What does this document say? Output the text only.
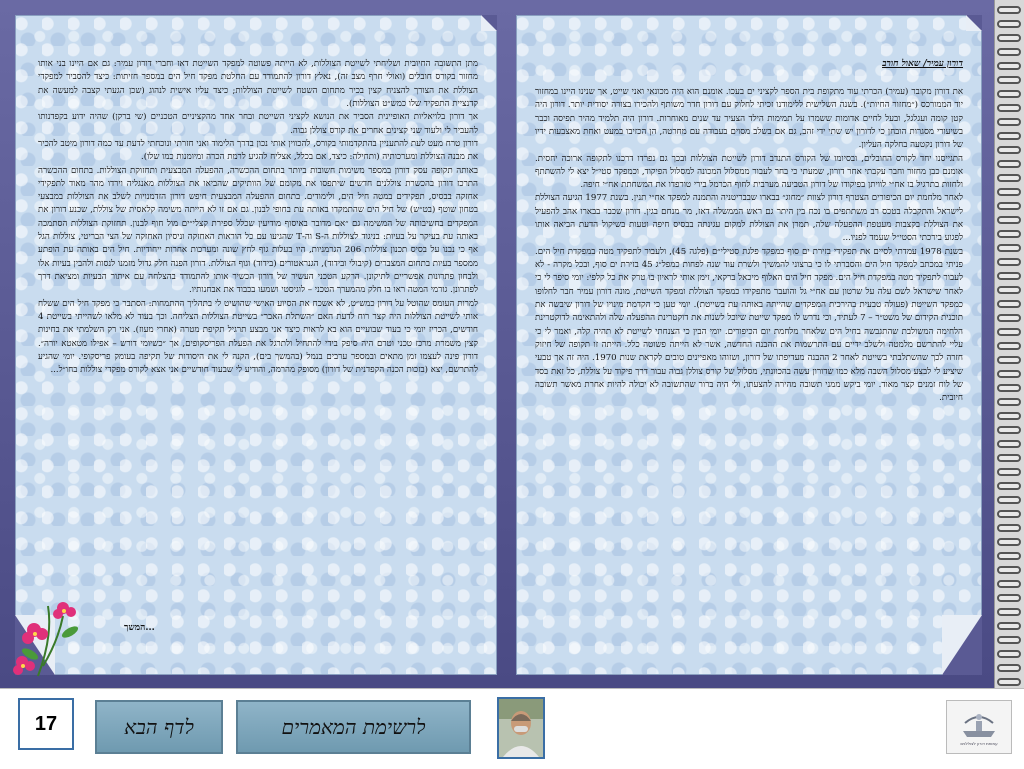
מתן התשובה החיובית ושליחתי לשייטת הצוללות, לא הייתה פשוטה למפקד השייטת דאז וחברי דורון עמיר: גם אם היינו בני אותו מחזור בקורס חובלים (ואולי חרף מצב זה), נאלץ דורון להתמודד עם החלטת מפקד חיל הים במספר חזיתות: כיצד להסביר למפקדי הצוללת את הצורך להצניח קצין בכיר מתחום השטח לשייטת הצוללות; כיצד עליו אישית לנהוג (שכן הגעתי קצבה למעשה את קדנציית התפקיד שלו כמש״ט הצוללות).

אך דורון בלויאליות האופיינית הסביר את הנושא לקציני השייטת ובחר אחד מהקציניים הטכניים (שי ברקן) שהיה ידוע בקפדנותו להעביר לי ולעוד שני קצינים אחרים את קורס צוללן גבוה.

דורון טרח מעט לעת להתעניין בהתקדמותי בקורס, להכווין אותי נכון בדרך הלימוד ואני חזרתי ונוכחתי לדעת עד כמה דורון מיטב להכיר את מבנה הצוללת ומערכותיה (ותחילה: כיצד, אם בכלל, אצליח להגיע לרמת הכרה ומיומנות כמו שלו).

באותה תקופה עסק דורון במספר משימות חשובות ביותר בתחום ההכשרה, ההפעלה המבצעית ותחזוקת הצוללות. בתחום ההכשרה התרכז דורון בהכשרת צוללנים חדשים שיתפסו את מקומם של הוותיקים שהביאו את הצוללות מאנגליה וירדו מהר מאוד לתפקידי אחזקה בבסיס, תפקידים במטה חיל הים, ולימודים. בתחום ההפעלה המבצעית חיפש דורון הזדמנויות לשלב את הצוללות במבצעי בטחון שוטף (בט״ש) של חיל הים שהתמקדו באותה עת בחופי לבנון. גם אם זו לא הייתה משימה קלאסית של צוללת, שכנע דורון את המפקדים בחשיבותה של המשימה גם ״אם מדובר באיסוף מודיעין שכלל ספירת קצלי״ים מול חוף לבנון. תחזוקת הצוללות הסתמכה באותה עת בעיקר על בעיות: בניגוד לצוללות ה-S וה-T שהגיעו עם כל הוראות האחזקה וניסיון האחזקה של הצי הבריטי, צוללות הגל אף כי נבנו על בסיס תכנון צוללות 206 הגרמניות, היו בעלות גוף לחץ שונה ומערכות אחרות ייחודיות. חיל הים באותה עת הופתע ממספר בעיות בתחום המצברים (קיבולי ובידוד), הגנראטורים (בידוד) וגוף הצוללת. דורון הפנה חלק גדול מזמנו לנסות ולהבין בעיות אלו ולבחון פתרונות אפשריים לתיקונן. הרקע הטכני העשיר של דורון הכשיר אותו להתמודד בהצלחה עם איתור הבעיות ומציאת דרך לפתרונן. גורמי המטה ראו בו חלק מהמערך הטכני – לוגיסטי ושמעו בכבוד את אבחנותיו.

למרות העומס שהוטל על דורון כמש״ט, לא אשכח את הסיוע האישי שהושיט לי בתהליך ההתמחות: הסתבר כי מפקד חיל הים ששלח אותי לשייטת הצוללות היה קצר רוח לדעת האם ״השתלת האבר״ בשייטת הצוללות הצליחה. וכך בעוד לא מלאו לשהייתי בשייטת 4 חודשים, הכריז יומי כי בעוד שבועיים הוא בא לראות כיצד אני מבצע תרגיל תקיפת מטרה (אחרי מעוז). אני רק השלמתי את בחינות קצין משמרת מרכז טכני וטרם היה סיפק בידי להתחיל ולתרגל את הפעלת הפריסקופים, אך ״כשיומי דורש – אפילו מטאטא יורה״. דורון פינה לעצמו זמן מתאים ובמספר ערבים בנמל (בהמשך בים), הקנה לי את היסודות של תקיפה בעומק פריסקופי. יומי שהגיע להתרשם, יצא (בזכות הכנה הקפדנית של דורון) מסופק מהרמה, והודיע לי שבעוד חודשיים אני אצא לקורס מפקדי צוללות בחו״ל...

המשך...
דורון עמיר/ שאול חורב

את דורון מקובר (עמיר) הכרתי עוד מתקופת בית הספר לקציני ים בעכו. אומנם הוא היה מכונאי ואני שייט, אך שנינו היינו במחזור יוד הממורכס (״מחזור החיות״). בשנה השלישית ללימודנו זכיתי לחלוק עם דורון חדר משותף ולהכירו בצורה יסודית יותר. דורון היה קטן קומה ועגלגל, ובעל לחיים אדומות ששמרו על תמימות הילד הצעיר עד שנים מאוחרות. דורון היה תלמיד מהיר תפיסה וכבר בשיעורי מסגרות הובחן כי לדורון יש שתי ידי זהב, גם אם בשלב מסוים בעבודה עם מחרטה, הן הכזיבו במעט ואחת מאצבעות ידיו של דורון נקטעה בחלקה העליון.

התגייסנו יחד לקורס החובלים, ובסיומו של הקורס התנדב דורון לשייטת הצוללות ובכך גם נפרדו דרכנו לתקופה ארוכה יחסית. אומנם כבן מחזור וחבר עקבתי אחר דורון, שמעתי כי בחר לעבור ממסלול המכונה למסלול הפיקוד, וכמפקד סטי״ל יצא לי להשתתף ולחזות בתרגיל בו אח״י לוויתן בפיקודו של דורון הטביעה מערבית לחוף הכרמל בירי טורפדו את המשחתת אח״י חיפה.

לאחר מלחמת יום הכיפורים הצטרף דורון לצוות ״מחוג״ בבארו שבבריטניה והתמנה למפקד אח״י תנין. בשנת 1977 הגיעה הצוללת לישראל והתקבלה בטכס רב משתתפים בו נכח בין היתר גם ראש הממשלה דאז, מר מנחם בגין. דורון שכבר בבארו אהב להפעיל את הצוללת בקצבות מעטפת ההפעלה שלה, תמרן את הצוללת למקום עגינתה בבסיס חיפה וטעות בשיקול הדעת הביאה אותו לפגוע בירכתי הסטי״ל שעמד לפניו...

בשנת 1978 עמדתי לסיים את תפקידי בזירת ים סוף כמפקד פלגת סטילי״ם (פלגה 45), ולעבור לתפקיד מטה במפקדת חיל הים. פניתי במכתב למפקד חיל הים והסברתי לו כי ברצוני להמשיך ולשרת עוד שנה לפחות כמפל״ג 45 בזירת ים סוף, ובכל מקרה - לא לעבור לתפקיד מטה במפקדת חיל הים. מפקד חיל הים האלוף מיכאל ברקאי, זימן אותי לראיון בו טרק את כל קלפי: יומי סיפר לי כי לאחר שישראל לשם עלה על שרטון עם אח״י גל והועבר מתפקידו כמפקד הצוללת ומפקד השייטת, מונה דורון עמיר חבר לחלופו כמפקד השייטת (פעולה טבעית בהירכית המפקדים שהייתה באותה עת בשייטת). יומי טען כי הקדמת מינויו של דורון שיבשה את תוכנית הקידום של משט״ר – 7 לעתיד, וכי נדרש לו מפקד שייטת שיוכל לשנות את דוקטרינת ההפעלה שלה ולהתאימה לדוקטרינת הלחימה המשולבת שהתגבשה בחיל הים שלאחר מלחמת יום הכיפורים. יומי הבין כי הצנחתי לשייטת לא תהיה קלה, ואמר לי כי עליי להתרשם מלמטה ולשלב ידיים עם התרשמות את ההבנה החדשה, אשר לא הייתה פשוטה כלל. הייתה זו תקופה של חיזוק חזרה לכך שהשתלבתי בשייטת לאחר 2 ההבנה מעדיפתו של דורון, ושזוהו מאפיינים טובים לקראת שנות 1970. היה זה אך טבעי שיציע לי לבצע מסלול השבה מלא כמו שדורון עשה בהכוונתי, מסלול של קורס צוללן גבוה עבור דרך פיקוד על צוללת, כל זאת בסד של לוח זמנים קצר מאוד. יומי ביקש ממני תשובה מהירה להצעתו, ולי היה ברור שהתשובה לא יכולה להיות אחרת מאשר תשובה חיובית.

17	לדף הבא	לרשימת המאמרים
עמותת דורון לצוללנים
